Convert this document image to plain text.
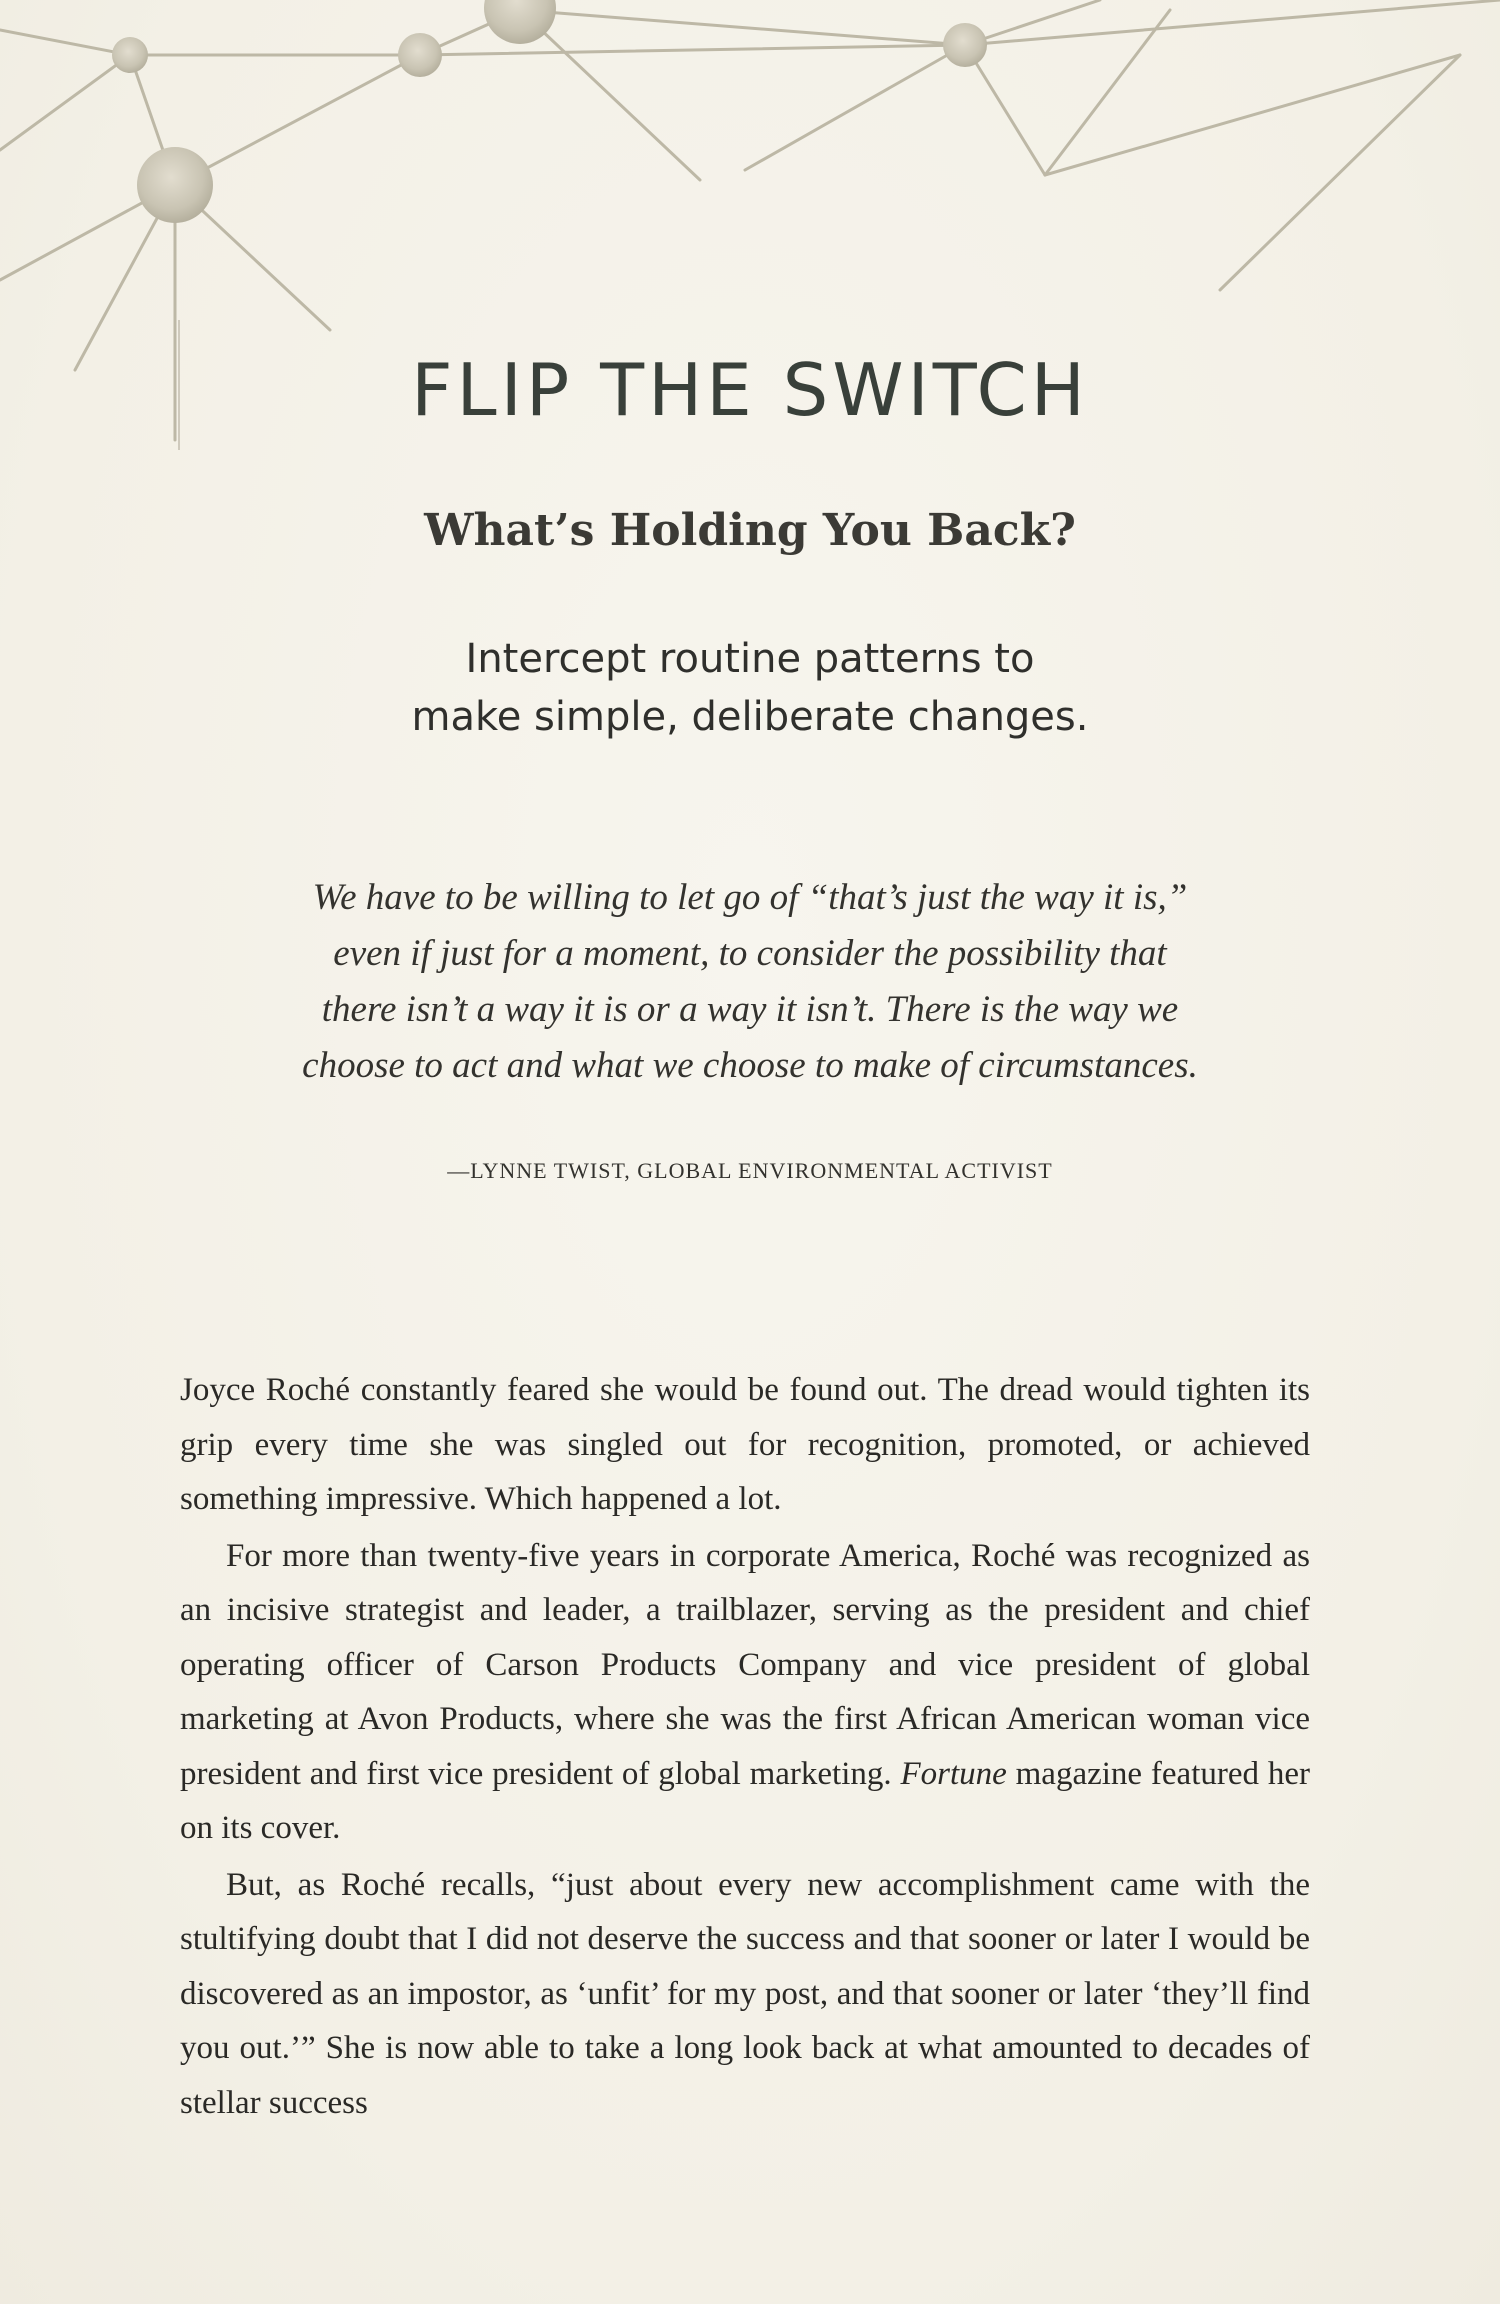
FLIP THE SWITCH
What’s Holding You Back?
Intercept routine patterns to
make simple, deliberate changes.
We have to be willing to let go of “that’s just the way it is,”
even if just for a moment, to consider the possibility that
there isn’t a way it is or a way it isn’t. There is the way we
choose to act and what we choose to make of circumstances.
—LYNNE TWIST, GLOBAL ENVIRONMENTAL ACTIVIST

Joyce Roché constantly feared she would be found out. The dread would tighten its grip every time she was singled out for recognition, promoted, or achieved something impressive. Which happened a lot.

For more than twenty-five years in corporate America, Roché was recognized as an incisive strategist and leader, a trailblazer, serving as the president and chief operating officer of Carson Products Company and vice president of global marketing at Avon Products, where she was the first African American woman vice president and first vice president of global marketing. Fortune magazine featured her on its cover.

But, as Roché recalls, “just about every new accomplishment came with the stultifying doubt that I did not deserve the success and that sooner or later I would be discovered as an impostor, as ‘unfit’ for my post, and that sooner or later ‘they’ll find you out.’” She is now able to take a long look back at what amounted to decades of stellar success
